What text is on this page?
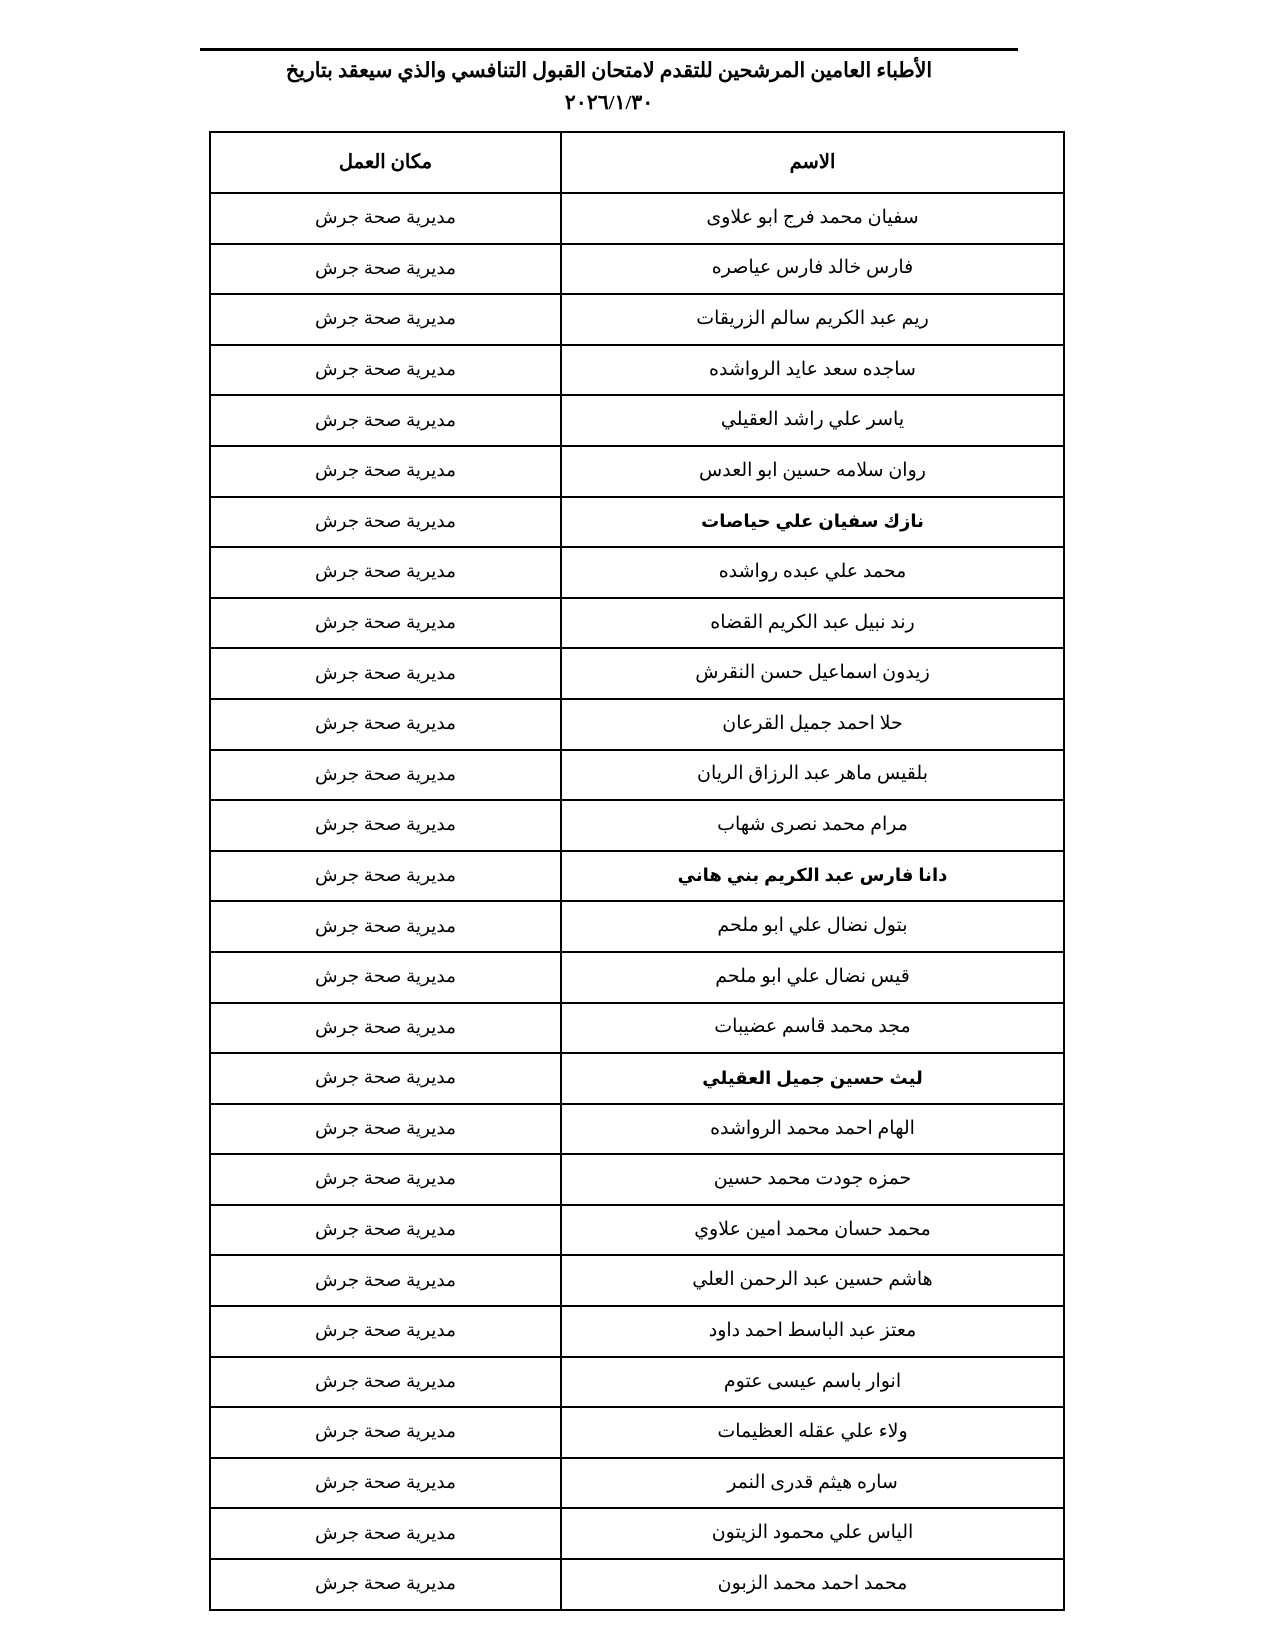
الأطباء العامين المرشحين للتقدم لامتحان القبول التنافسي والذي سيعقد بتاريخ
٢٠٢٦/١/٣٠
الاسم	مكان العمل
سفيان محمد فرج ابو علاوى	مديرية صحة جرش
فارس خالد فارس عياصره	مديرية صحة جرش
ريم عبد الكريم سالم الزريقات	مديرية صحة جرش
ساجده سعد عايد الرواشده	مديرية صحة جرش
ياسر علي راشد العقيلي	مديرية صحة جرش
روان سلامه حسين ابو العدس	مديرية صحة جرش
نازك سفيان علي حياصات	مديرية صحة جرش
محمد علي عبده رواشده	مديرية صحة جرش
رند نبيل عبد الكريم القضاه	مديرية صحة جرش
زيدون اسماعيل حسن النقرش	مديرية صحة جرش
حلا احمد جميل القرعان	مديرية صحة جرش
بلقيس ماهر عبد الرزاق الريان	مديرية صحة جرش
مرام محمد نصرى شهاب	مديرية صحة جرش
دانا فارس عبد الكريم بني هاني	مديرية صحة جرش
بتول نضال علي ابو ملحم	مديرية صحة جرش
قيس نضال علي ابو ملحم	مديرية صحة جرش
مجد محمد قاسم عضيبات	مديرية صحة جرش
ليث حسين جميل العقيلي	مديرية صحة جرش
الهام احمد محمد الرواشده	مديرية صحة جرش
حمزه جودت محمد حسين	مديرية صحة جرش
محمد حسان محمد امين علاوي	مديرية صحة جرش
هاشم حسين عبد الرحمن العلي	مديرية صحة جرش
معتز عبد الباسط احمد داود	مديرية صحة جرش
انوار باسم عيسى عتوم	مديرية صحة جرش
ولاء علي عقله العظيمات	مديرية صحة جرش
ساره هيثم قدرى النمر	مديرية صحة جرش
الياس علي محمود الزيتون	مديرية صحة جرش
محمد احمد محمد الزبون	مديرية صحة جرش
